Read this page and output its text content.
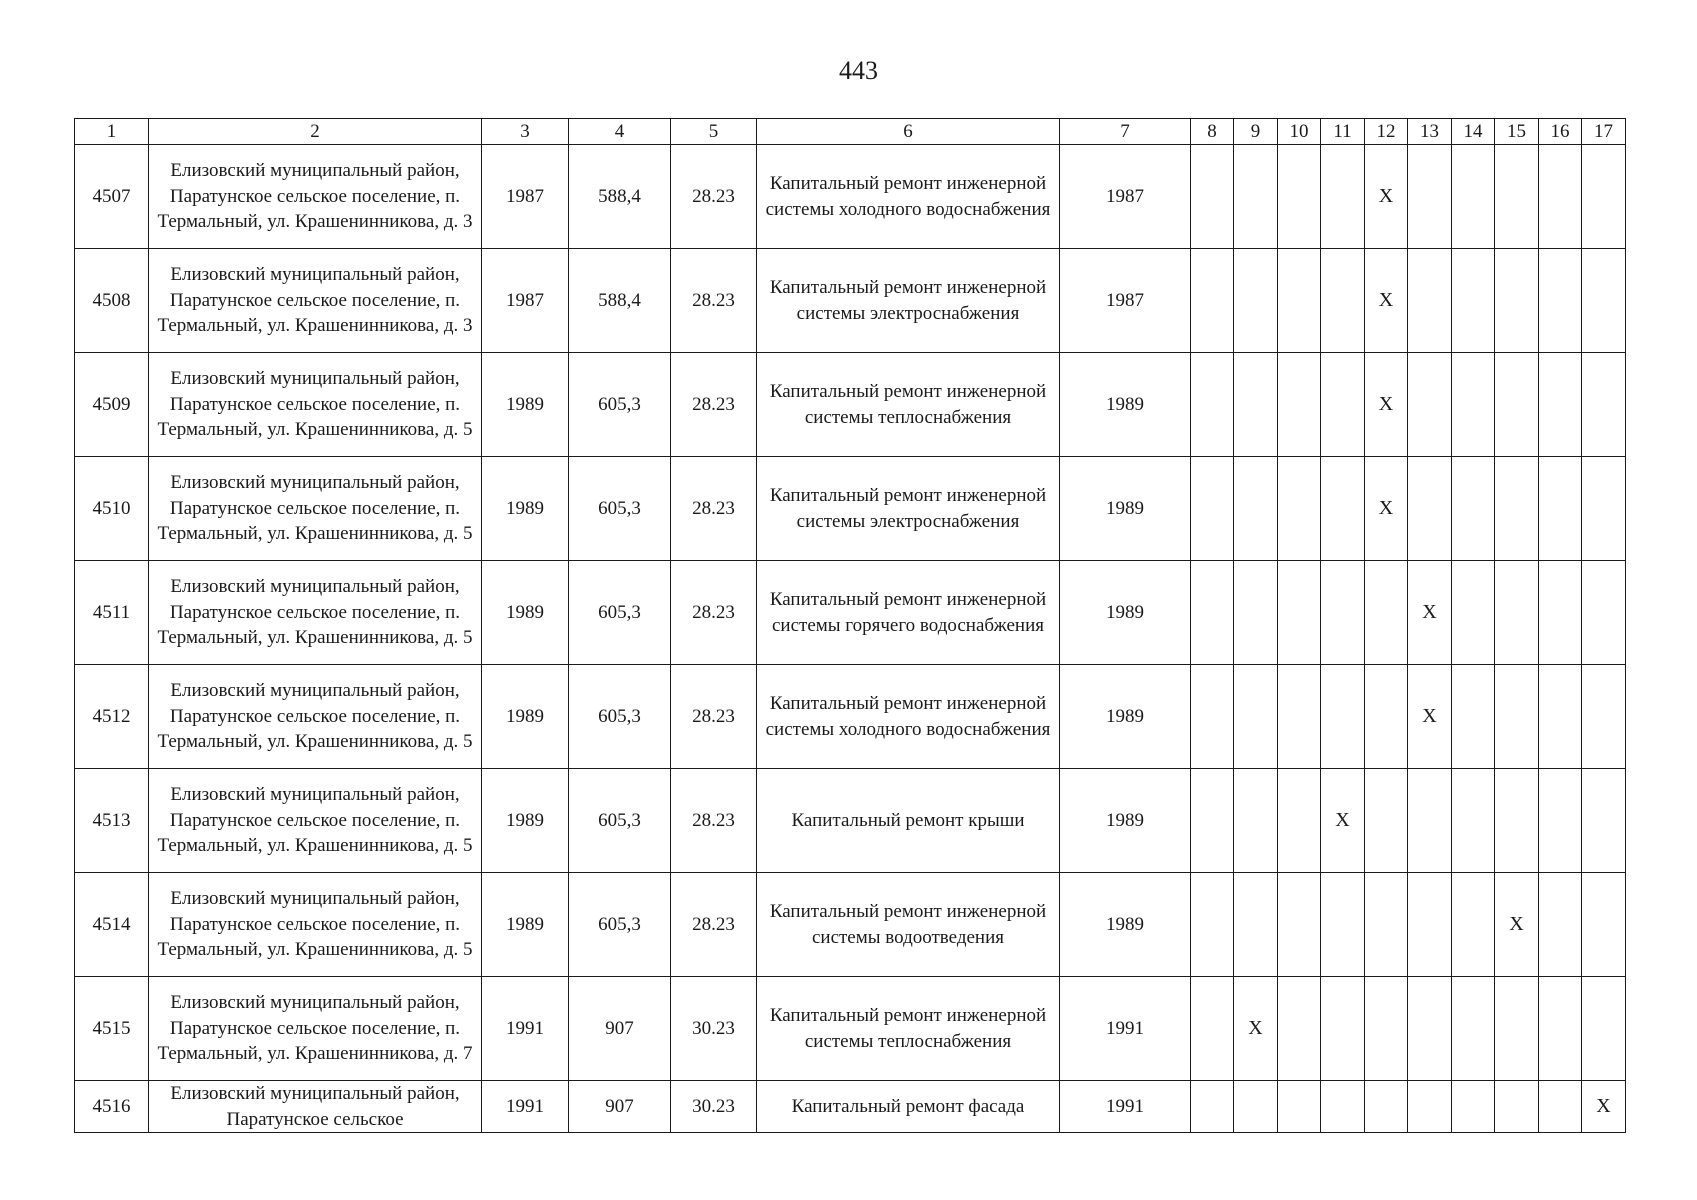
443
1	2	3	4	5	6	7	8	9	10	11	12	13	14	15	16	17
4507	Елизовский муниципальный район, Паратунское сельское поселение, п. Термальный, ул. Крашенинникова, д. 3	1987	588,4	28.23	Капитальный ремонт инженерной системы холодного водоснабжения	1987					X					
4508	Елизовский муниципальный район, Паратунское сельское поселение, п. Термальный, ул. Крашенинникова, д. 3	1987	588,4	28.23	Капитальный ремонт инженерной системы электроснабжения	1987					X					
4509	Елизовский муниципальный район, Паратунское сельское поселение, п. Термальный, ул. Крашенинникова, д. 5	1989	605,3	28.23	Капитальный ремонт инженерной системы теплоснабжения	1989					X					
4510	Елизовский муниципальный район, Паратунское сельское поселение, п. Термальный, ул. Крашенинникова, д. 5	1989	605,3	28.23	Капитальный ремонт инженерной системы электроснабжения	1989					X					
4511	Елизовский муниципальный район, Паратунское сельское поселение, п. Термальный, ул. Крашенинникова, д. 5	1989	605,3	28.23	Капитальный ремонт инженерной системы горячего водоснабжения	1989						X				
4512	Елизовский муниципальный район, Паратунское сельское поселение, п. Термальный, ул. Крашенинникова, д. 5	1989	605,3	28.23	Капитальный ремонт инженерной системы холодного водоснабжения	1989						X				
4513	Елизовский муниципальный район, Паратунское сельское поселение, п. Термальный, ул. Крашенинникова, д. 5	1989	605,3	28.23	Капитальный ремонт крыши	1989				X						
4514	Елизовский муниципальный район, Паратунское сельское поселение, п. Термальный, ул. Крашенинникова, д. 5	1989	605,3	28.23	Капитальный ремонт инженерной системы водоотведения	1989								X		
4515	Елизовский муниципальный район, Паратунское сельское поселение, п. Термальный, ул. Крашенинникова, д. 7	1991	907	30.23	Капитальный ремонт инженерной системы теплоснабжения	1991		X								
4516	Елизовский муниципальный район, Паратунское сельское	1991	907	30.23	Капитальный ремонт фасада	1991										X
